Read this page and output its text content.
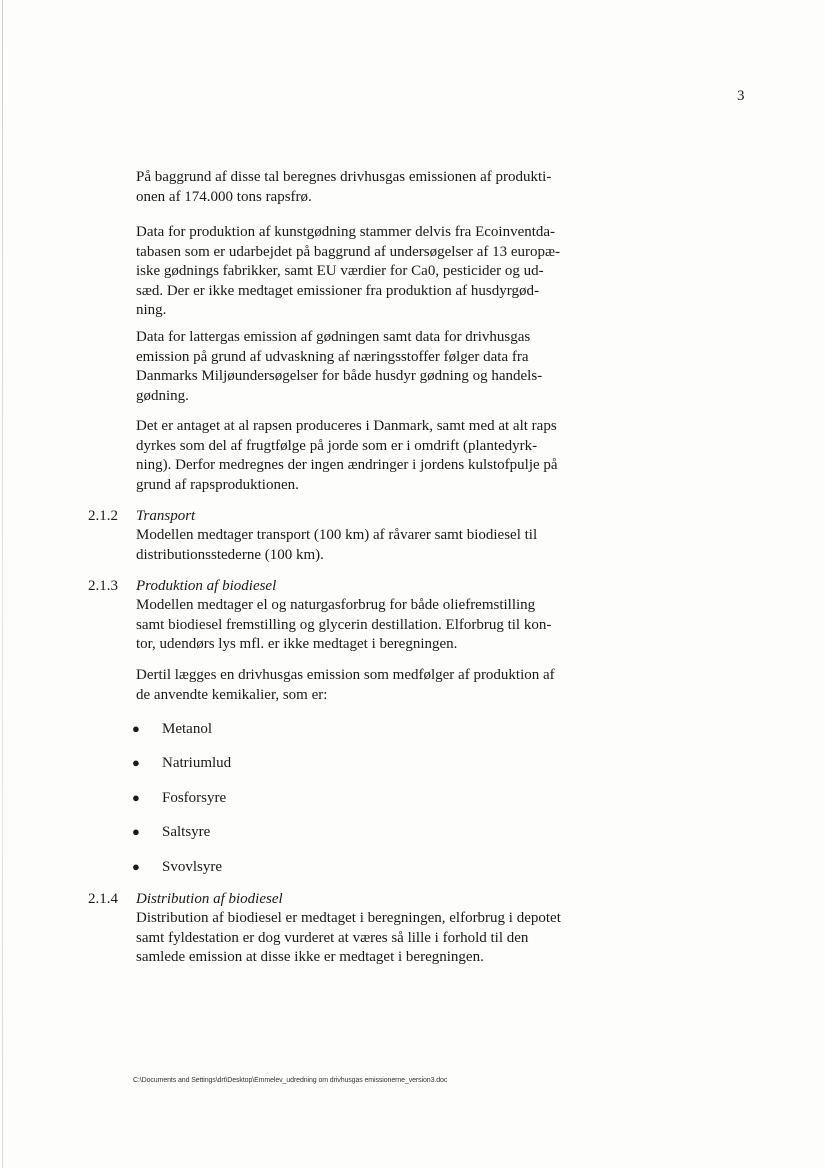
3
På baggrund af disse tal beregnes drivhusgas emissionen af produkti-
onen af 174.000 tons rapsfrø.
Data for produktion af kunstgødning stammer delvis fra Ecoinventda-
tabasen som er udarbejdet på baggrund af undersøgelser af 13 europæ-
iske gødnings fabrikker, samt EU værdier for Ca0, pesticider og ud-
sæd. Der er ikke medtaget emissioner fra produktion af husdyrgød-
ning.
Data for lattergas emission af gødningen samt data for drivhusgas
emission på grund af udvaskning af næringsstoffer følger data fra
Danmarks Miljøundersøgelser for både husdyr gødning og handels-
gødning.
Det er antaget at al rapsen produceres i Danmark, samt med at alt raps
dyrkes som del af frugtfølge på jorde som er i omdrift (plantedyrk-
ning). Derfor medregnes der ingen ændringer i jordens kulstofpulje på
grund af rapsproduktionen.
2.1.2 Transport
Modellen medtager transport (100 km) af råvarer samt biodiesel til
distributionsstederne (100 km).
2.1.3 Produktion af biodiesel
Modellen medtager el og naturgasforbrug for både oliefremstilling
samt biodiesel fremstilling og glycerin destillation. Elforbrug til kon-
tor, udendørs lys mfl. er ikke medtaget i beregningen.
Dertil lægges en drivhusgas emission som medfølger af produktion af
de anvendte kemikalier, som er:
● Metanol
● Natriumlud
● Fosforsyre
● Saltsyre
● Svovlsyre
2.1.4 Distribution af biodiesel
Distribution af biodiesel er medtaget i beregningen, elforbrug i depotet
samt fyldestation er dog vurderet at væres så lille i forhold til den
samlede emission at disse ikke er medtaget i beregningen.
C:\Documents and Settings\drt\Desktop\Emmelev_udredning om drivhusgas emissionerne_version3.doc
